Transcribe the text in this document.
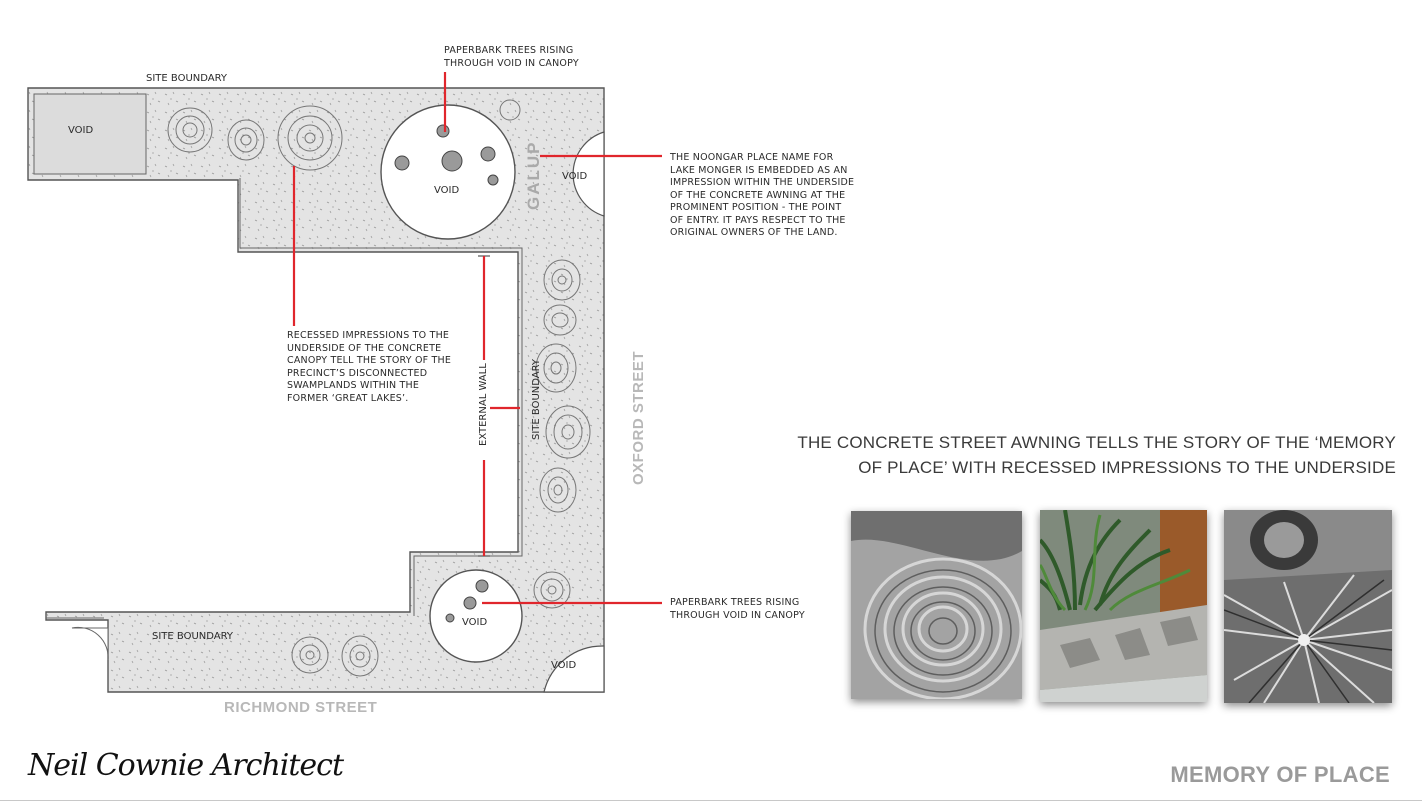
SITE BOUNDARY
SITE BOUNDARY
SITE BOUNDARY
EXTERNAL WALL
VOID
VOID
VOID
VOID
VOID
GALUP
OXFORD STREET
RICHMOND STREET
PAPERBARK TREES RISING
THROUGH VOID IN CANOPY
THE NOONGAR PLACE NAME FOR
LAKE MONGER IS EMBEDDED AS AN
IMPRESSION WITHIN THE UNDERSIDE
OF THE CONCRETE AWNING AT THE
PROMINENT POSITION - THE POINT
OF ENTRY. IT PAYS RESPECT TO THE
ORIGINAL OWNERS OF THE LAND.
RECESSED IMPRESSIONS TO THE
UNDERSIDE OF THE CONCRETE
CANOPY TELL THE STORY OF THE
PRECINCT’S DISCONNECTED
SWAMPLANDS WITHIN THE
FORMER ‘GREAT LAKES’.
PAPERBARK TREES RISING
THROUGH VOID IN CANOPY
THE CONCRETE STREET AWNING TELLS THE STORY OF THE ‘MEMORY OF PLACE’ WITH RECESSED IMPRESSIONS TO THE UNDERSIDE
Neil Cownie Architect	MEMORY OF PLACE
